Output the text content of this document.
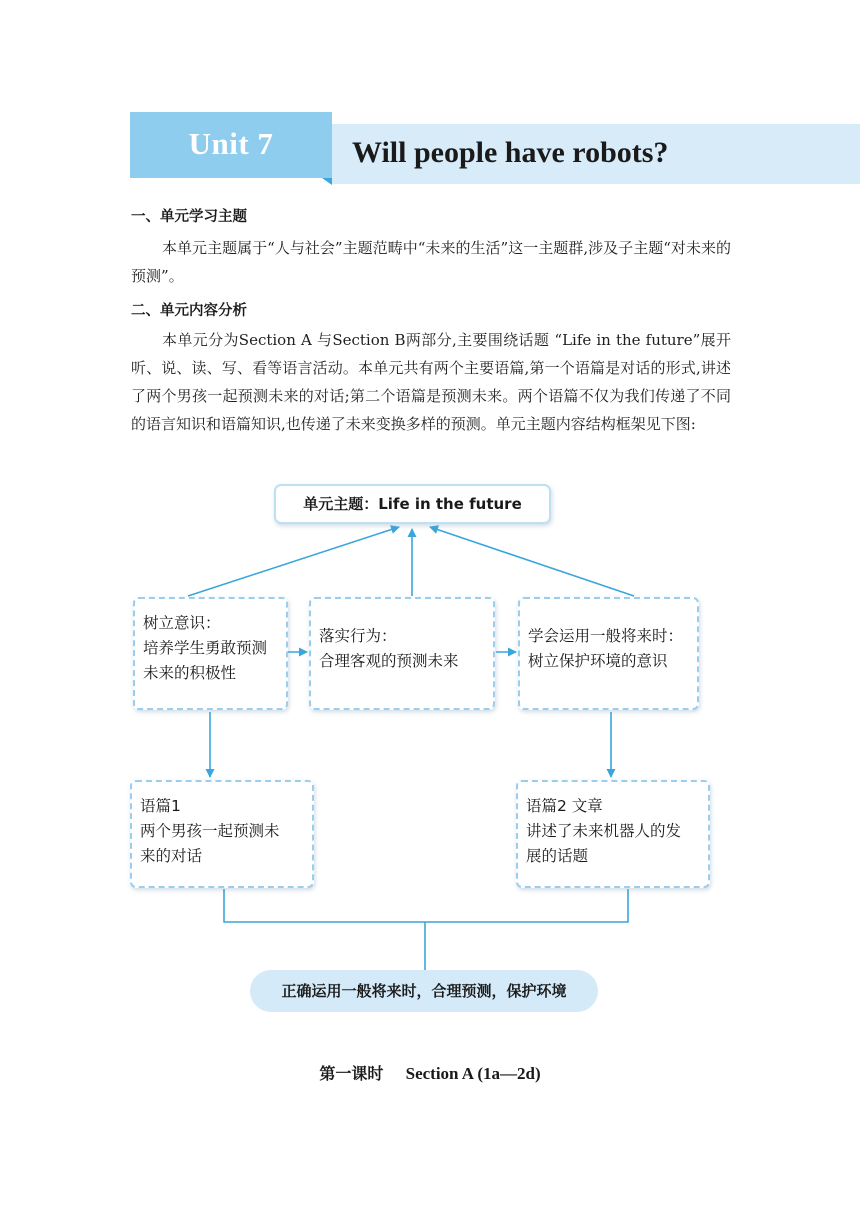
Unit 7	Will people have robots?
一、单元学习主题

本单元主题属于“人与社会”主题范畴中“未来的生活”这一主题群,涉及子主题“对未来的预测”。

二、单元内容分析

本单元分为Section A 与Section B两部分,主要围绕话题 “Life in the future”展开听、说、读、写、看等语言活动。本单元共有两个主要语篇,第一个语篇是对话的形式,讲述了两个男孩一起预测未来的对话;第二个语篇是预测未来。两个语篇不仅为我们传递了不同的语言知识和语篇知识,也传递了未来变换多样的预测。单元主题内容结构框架见下图:

单元主题：Life in the future
树立意识：
培养学生勇敢预测
未来的积极性
落实行为：
合理客观的预测未来
学会运用一般将来时：
树立保护环境的意识
语篇1
两个男孩一起预测未
来的对话
语篇2 文章
讲述了未来机器人的发
展的话题
正确运用一般将来时，合理预测，保护环境
第一课时 Section A (1a—2d)
